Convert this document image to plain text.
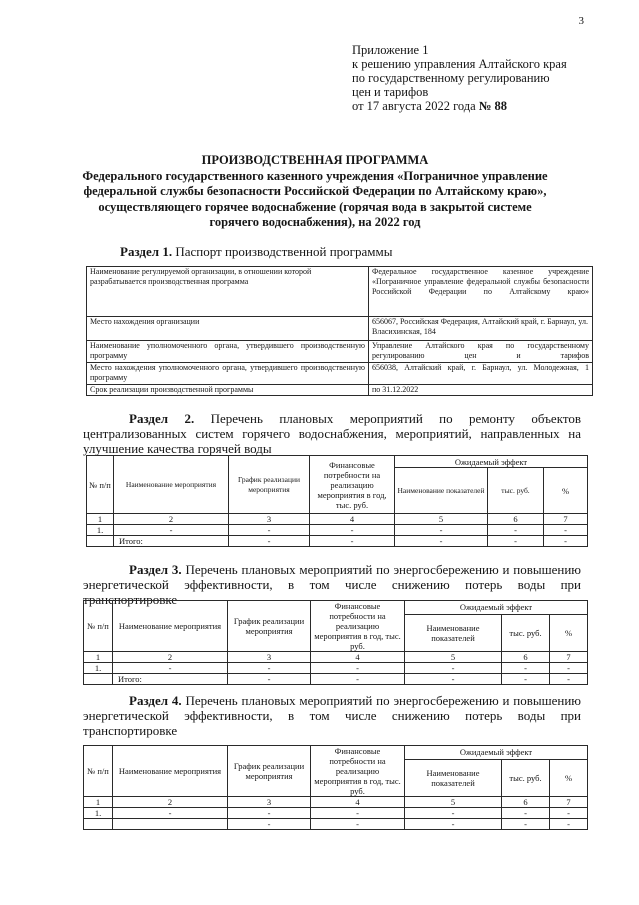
3
Приложение 1
к решению управления Алтайского края
по государственному регулированию
цен и тарифов
от 17 августа 2022 года № 88
ПРОИЗВОДСТВЕННАЯ ПРОГРАММА
Федерального государственного казенного учреждения «Пограничное управление
федеральной службы безопасности Российской Федерации по Алтайскому краю»,
осуществляющего горячее водоснабжение (горячая вода в закрытой системе
горячего водоснабжения), на 2022 год

Раздел 1. Паспорт производственной программы

Наименование регулируемой организации, в отношении которой разрабатывается производственная программа	Федеральное государственное казенное учреждение «Пограничное управление федеральной службы безопасности Российской Федерации по Алтайскому краю»
Место нахождения организации	656067, Российская Федерация, Алтайский край, г. Барнаул, ул. Власихинская, 184
Наименование уполномоченного органа, утвердившего производственную программу	Управление Алтайского края по государственному регулированию цен и тарифов
Место нахождения уполномоченного органа, утвердившего производственную программу	656038, Алтайский край, г. Барнаул, ул. Молодежная, 1
Срок реализации производственной программы	по 31.12.2022

Раздел 2. Перечень плановых мероприятий по ремонту объектов централизованных систем горячего водоснабжения, мероприятий, направленных на улучшение качества горячей воды

№ п/п	Наименование мероприятия	График реализации мероприятия	Финансовые потребности на реализацию мероприятия в год, тыс. руб.	Ожидаемый эффект		
				Наименование показателей	тыс. руб.	%
1	2	3	4	5	6	7
1.	-	-	-	-	-	-
	Итого:	-	-	-	-	-

Раздел 3. Перечень плановых мероприятий по энергосбережению и повышению энергетической эффективности, в том числе снижению потерь воды при транспортировке

№ п/п	Наименование мероприятия	График реализации мероприятия	Финансовые потребности на реализацию мероприятия в год, тыс. руб.	Ожидаемый эффект		
				Наименование показателей	тыс. руб.	%
1	2	3	4	5	6	7
1.	-	-	-	-	-	-
	Итого:	-	-	-	-	-

Раздел 4. Перечень плановых мероприятий по энергосбережению и повышению энергетической эффективности, в том числе снижению потерь воды при транспортировке

№ п/п	Наименование мероприятия	График реализации мероприятия	Финансовые потребности на реализацию мероприятия в год, тыс. руб.	Ожидаемый эффект		
				Наименование показателей	тыс. руб.	%
1	2	3	4	5	6	7
1.	-	-	-	-	-	-
		-	-	-	-	-
